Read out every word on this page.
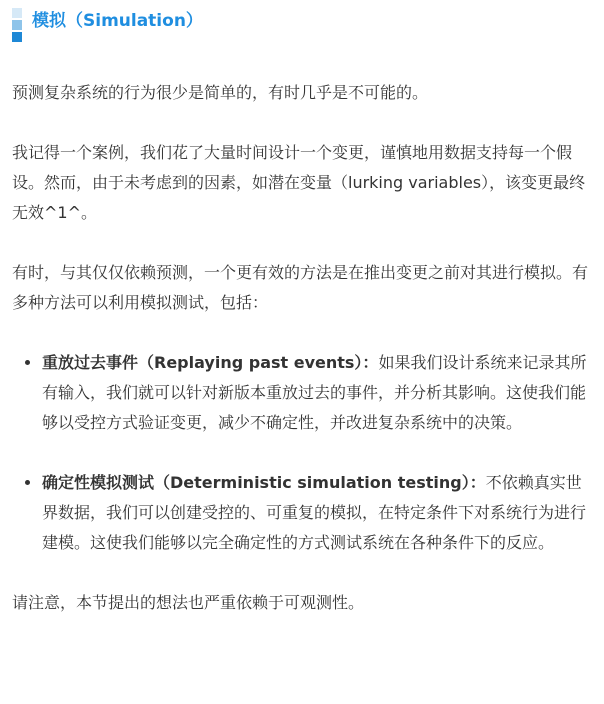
模拟（Simulation）

预测复杂系统的行为很少是简单的，有时几乎是不可能的。

我记得一个案例，我们花了大量时间设计一个变更，谨慎地用数据支持每一个假设。然而，由于未考虑到的因素，如潜在变量（lurking variables），该变更最终无效^1^。

有时，与其仅仅依赖预测，一个更有效的方法是在推出变更之前对其进行模拟。有多种方法可以利用模拟测试，包括：

• 重放过去事件（Replaying past events）：如果我们设计系统来记录其所有输入，我们就可以针对新版本重放过去的事件，并分析其影响。这使我们能够以受控方式验证变更，减少不确定性，并改进复杂系统中的决策。
• 确定性模拟测试（Deterministic simulation testing）：不依赖真实世界数据，我们可以创建受控的、可重复的模拟，在特定条件下对系统行为进行建模。这使我们能够以完全确定性的方式测试系统在各种条件下的反应。

请注意，本节提出的想法也严重依赖于可观测性。
